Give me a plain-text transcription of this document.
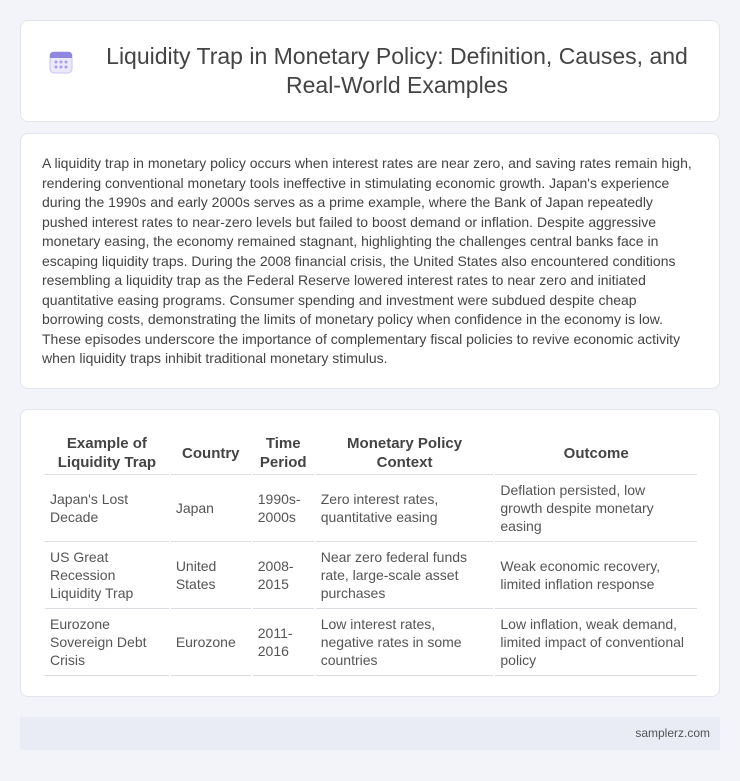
Liquidity Trap in Monetary Policy: Definition, Causes, and Real-World Examples

A liquidity trap in monetary policy occurs when interest rates are near zero, and saving rates remain high, rendering conventional monetary tools ineffective in stimulating economic growth. Japan's experience during the 1990s and early 2000s serves as a prime example, where the Bank of Japan repeatedly pushed interest rates to near-zero levels but failed to boost demand or inflation. Despite aggressive monetary easing, the economy remained stagnant, highlighting the challenges central banks face in escaping liquidity traps. During the 2008 financial crisis, the United States also encountered conditions resembling a liquidity trap as the Federal Reserve lowered interest rates to near zero and initiated quantitative easing programs. Consumer spending and investment were subdued despite cheap borrowing costs, demonstrating the limits of monetary policy when confidence in the economy is low. These episodes underscore the importance of complementary fiscal policies to revive economic activity when liquidity traps inhibit traditional monetary stimulus.

Example of Liquidity Trap	Country	Time Period	Monetary Policy Context	Outcome
Japan's Lost Decade	Japan	1990s-2000s	Zero interest rates, quantitative easing	Deflation persisted, low growth despite monetary easing
US Great Recession Liquidity Trap	United States	2008-2015	Near zero federal funds rate, large-scale asset purchases	Weak economic recovery, limited inflation response
Eurozone Sovereign Debt Crisis	Eurozone	2011-2016	Low interest rates, negative rates in some countries	Low inflation, weak demand, limited impact of conventional policy
samplerz.com
